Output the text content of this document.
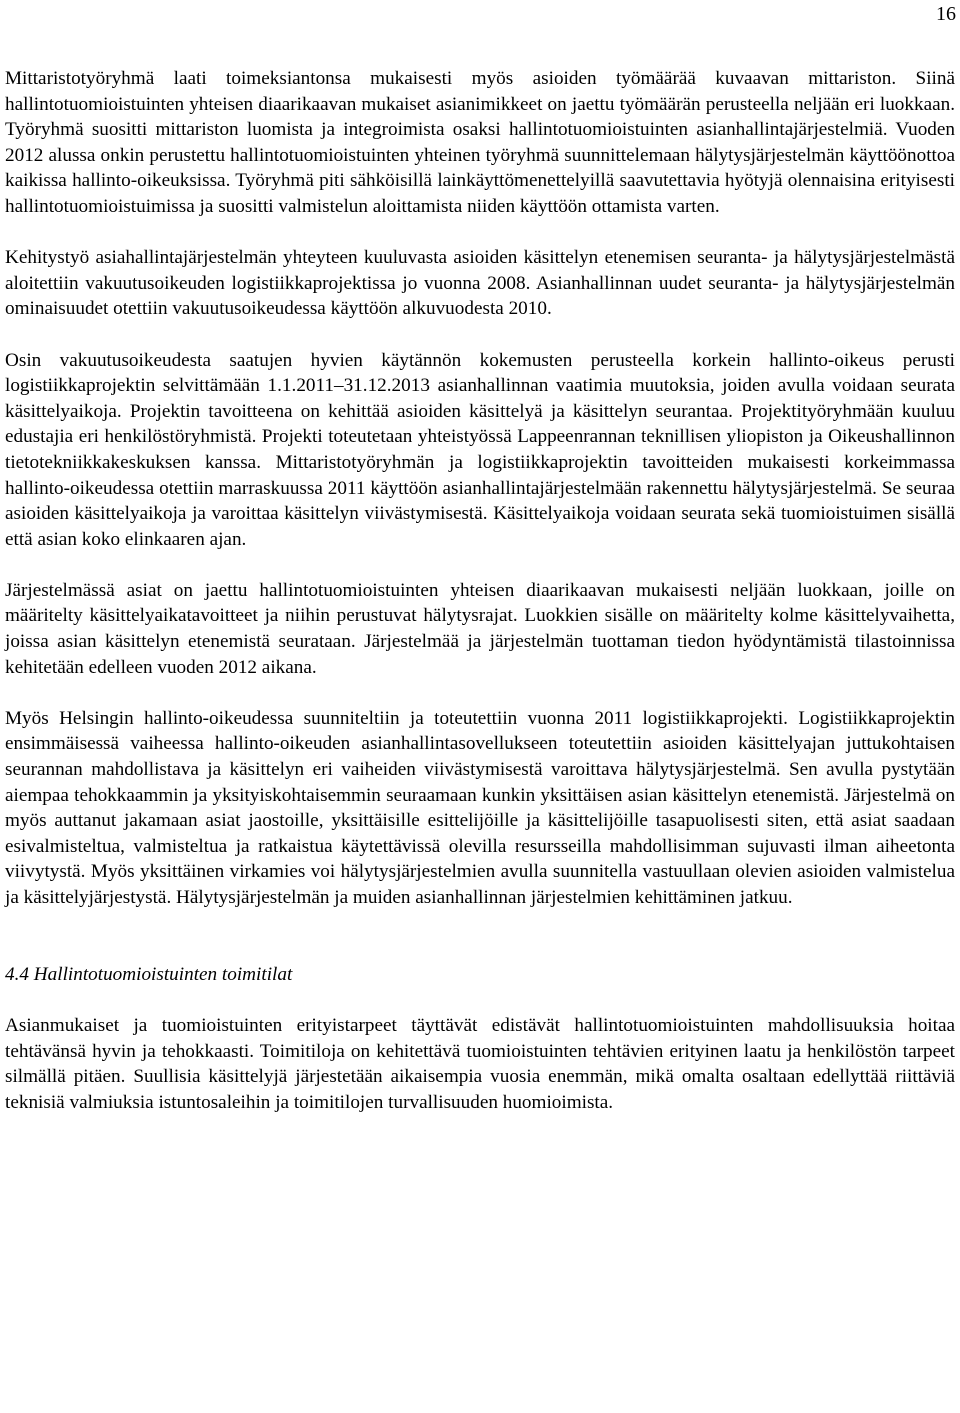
16

Mittaristotyöryhmä laati toimeksiantonsa mukaisesti myös asioiden työmäärää kuvaavan mittariston. Siinä hallintotuomioistuinten yhteisen diaarikaavan mukaiset asianimikkeet on jaettu työmäärän perusteella neljään eri luokkaan. Työryhmä suositti mittariston luomista ja integroimista osaksi hallintotuomioistuinten asianhallintajärjestelmiä. Vuoden 2012 alussa onkin perustettu hallintotuomioistuinten yhteinen työryhmä suunnittelemaan hälytysjärjestelmän käyttöönottoa kaikissa hallinto-oikeuksissa. Työryhmä piti sähköisillä lainkäyttömenettelyillä saavutettavia hyötyjä olennaisina erityisesti hallintotuomioistuimissa ja suositti valmistelun aloittamista niiden käyttöön ottamista varten.

Kehitystyö asiahallintajärjestelmän yhteyteen kuuluvasta asioiden käsittelyn etenemisen seuranta- ja hälytysjärjestelmästä aloitettiin vakuutusoikeuden logistiikkaprojektissa jo vuonna 2008. Asianhallinnan uudet seuranta- ja hälytysjärjestelmän ominaisuudet otettiin vakuutusoikeudessa käyttöön alkuvuodesta 2010.

Osin vakuutusoikeudesta saatujen hyvien käytännön kokemusten perusteella korkein hallinto-oikeus perusti logistiikkaprojektin selvittämään 1.1.2011–31.12.2013 asianhallinnan vaatimia muutoksia, joiden avulla voidaan seurata käsittelyaikoja. Projektin tavoitteena on kehittää asioiden käsittelyä ja käsittelyn seurantaa. Projektityöryhmään kuuluu edustajia eri henkilöstöryhmistä. Projekti toteutetaan yhteistyössä Lappeenrannan teknillisen yliopiston ja Oikeushallinnon tietotekniikkakeskuksen kanssa. Mittaristotyöryhmän ja logistiikkaprojektin tavoitteiden mukaisesti korkeimmassa hallinto-oikeudessa otettiin marraskuussa 2011 käyttöön asianhallintajärjestelmään rakennettu hälytysjärjestelmä. Se seuraa asioiden käsittelyaikoja ja varoittaa käsittelyn viivästymisestä. Käsittelyaikoja voidaan seurata sekä tuomioistuimen sisällä että asian koko elinkaaren ajan.

Järjestelmässä asiat on jaettu hallintotuomioistuinten yhteisen diaarikaavan mukaisesti neljään luokkaan, joille on määritelty käsittelyaikatavoitteet ja niihin perustuvat hälytysrajat. Luokkien sisälle on määritelty kolme käsittelyvaihetta, joissa asian käsittelyn etenemistä seurataan. Järjestelmää ja järjestelmän tuottaman tiedon hyödyntämistä tilastoinnissa kehitetään edelleen vuoden 2012 aikana.

Myös Helsingin hallinto-oikeudessa suunniteltiin ja toteutettiin vuonna 2011 logistiikkaprojekti. Logistiikkaprojektin ensimmäisessä vaiheessa hallinto-oikeuden asianhallintasovellukseen toteutettiin asioiden käsittelyajan juttukohtaisen seurannan mahdollistava ja käsittelyn eri vaiheiden viivästymisestä varoittava hälytysjärjestelmä. Sen avulla pystytään aiempaa tehokkaammin ja yksityiskohtaisemmin seuraamaan kunkin yksittäisen asian käsittelyn etenemistä. Järjestelmä on myös auttanut jakamaan asiat jaostoille, yksittäisille esittelijöille ja käsittelijöille tasapuolisesti siten, että asiat saadaan esivalmisteltua, valmisteltua ja ratkaistua käytettävissä olevilla resursseilla mahdollisimman sujuvasti ilman aiheetonta viivytystä. Myös yksittäinen virkamies voi hälytysjärjestelmien avulla suunnitella vastuullaan olevien asioiden valmistelua ja käsittelyjärjestystä. Hälytysjärjestelmän ja muiden asianhallinnan järjestelmien kehittäminen jatkuu.

4.4 Hallintotuomioistuinten toimitilat

Asianmukaiset ja tuomioistuinten erityistarpeet täyttävät edistävät hallintotuomioistuinten mahdollisuuksia hoitaa tehtävänsä hyvin ja tehokkaasti. Toimitiloja on kehitettävä tuomioistuinten tehtävien erityinen laatu ja henkilöstön tarpeet silmällä pitäen. Suullisia käsittelyjä järjestetään aikaisempia vuosia enemmän, mikä omalta osaltaan edellyttää riittäviä teknisiä valmiuksia istuntosaleihin ja toimitilojen turvallisuuden huomioimista.
